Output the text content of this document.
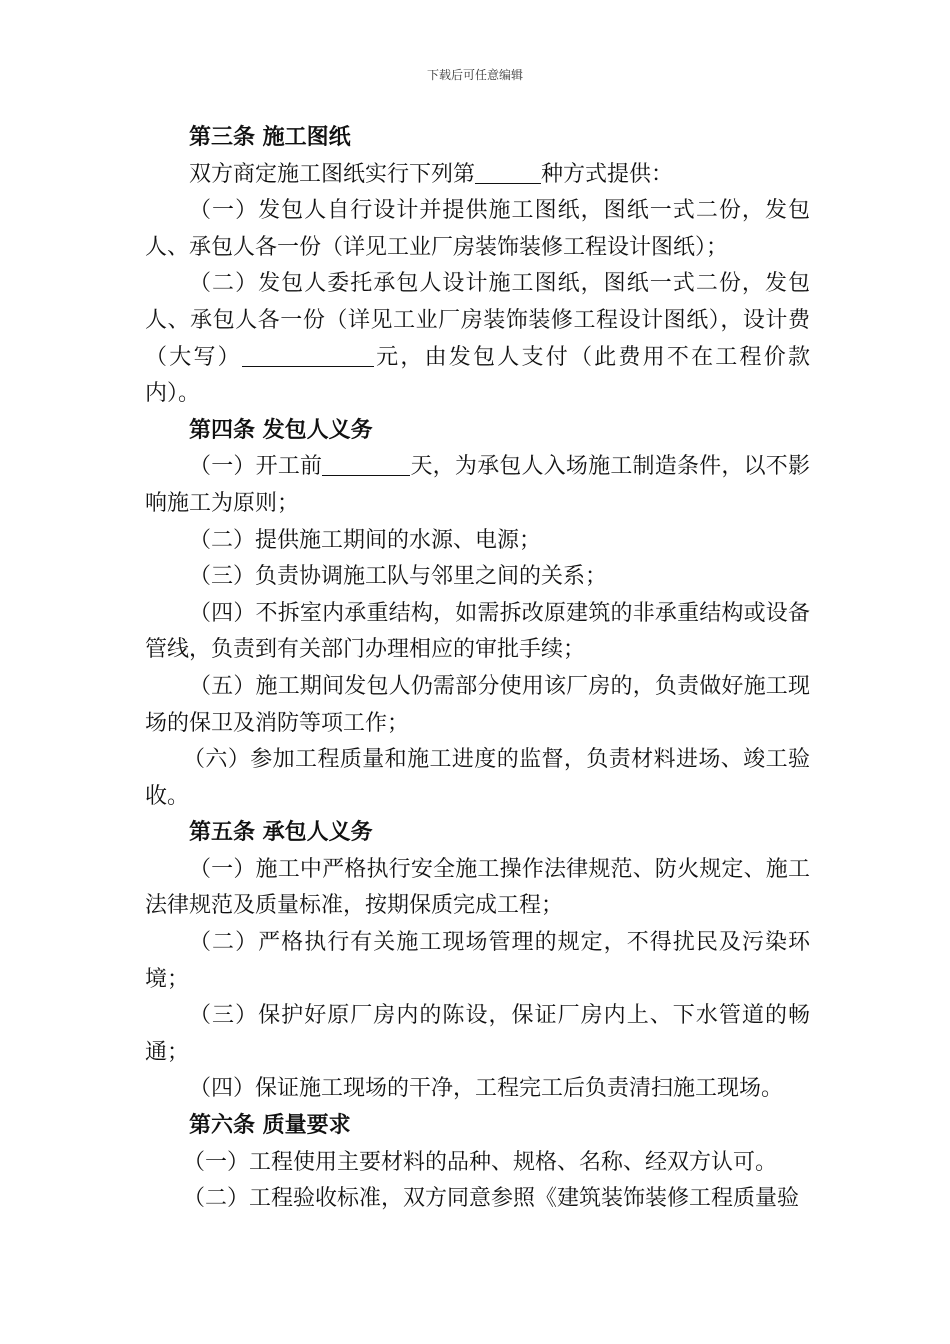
下载后可任意编辑

第三条 施工图纸

双方商定施工图纸实行下列第	种方式提供：

（一）发包人自行设计并提供施工图纸，图纸一式二份，发包人、承包人各一份（详见工业厂房装饰装修工程设计图纸）；

（二）发包人委托承包人设计施工图纸，图纸一式二份，发包人、承包人各一份（详见工业厂房装饰装修工程设计图纸），设计费（大写）	元，由发包人支付（此费用不在工程价款内）。

第四条 发包人义务

（一）开工前	天，为承包人入场施工制造条件，以不影响施工为原则；

（二）提供施工期间的水源、电源；

（三）负责协调施工队与邻里之间的关系；

（四）不拆室内承重结构，如需拆改原建筑的非承重结构或设备管线，负责到有关部门办理相应的审批手续；

（五）施工期间发包人仍需部分使用该厂房的，负责做好施工现场的保卫及消防等项工作；

（六）参加工程质量和施工进度的监督，负责材料进场、竣工验收。

第五条 承包人义务

（一）施工中严格执行安全施工操作法律规范、防火规定、施工法律规范及质量标准，按期保质完成工程；

（二）严格执行有关施工现场管理的规定，不得扰民及污染环境；

（三）保护好原厂房内的陈设，保证厂房内上、下水管道的畅通；

（四）保证施工现场的干净，工程完工后负责清扫施工现场。

第六条 质量要求

（一）工程使用主要材料的品种、规格、名称、经双方认可。

（二）工程验收标准，双方同意参照《建筑装饰装修工程质量验
